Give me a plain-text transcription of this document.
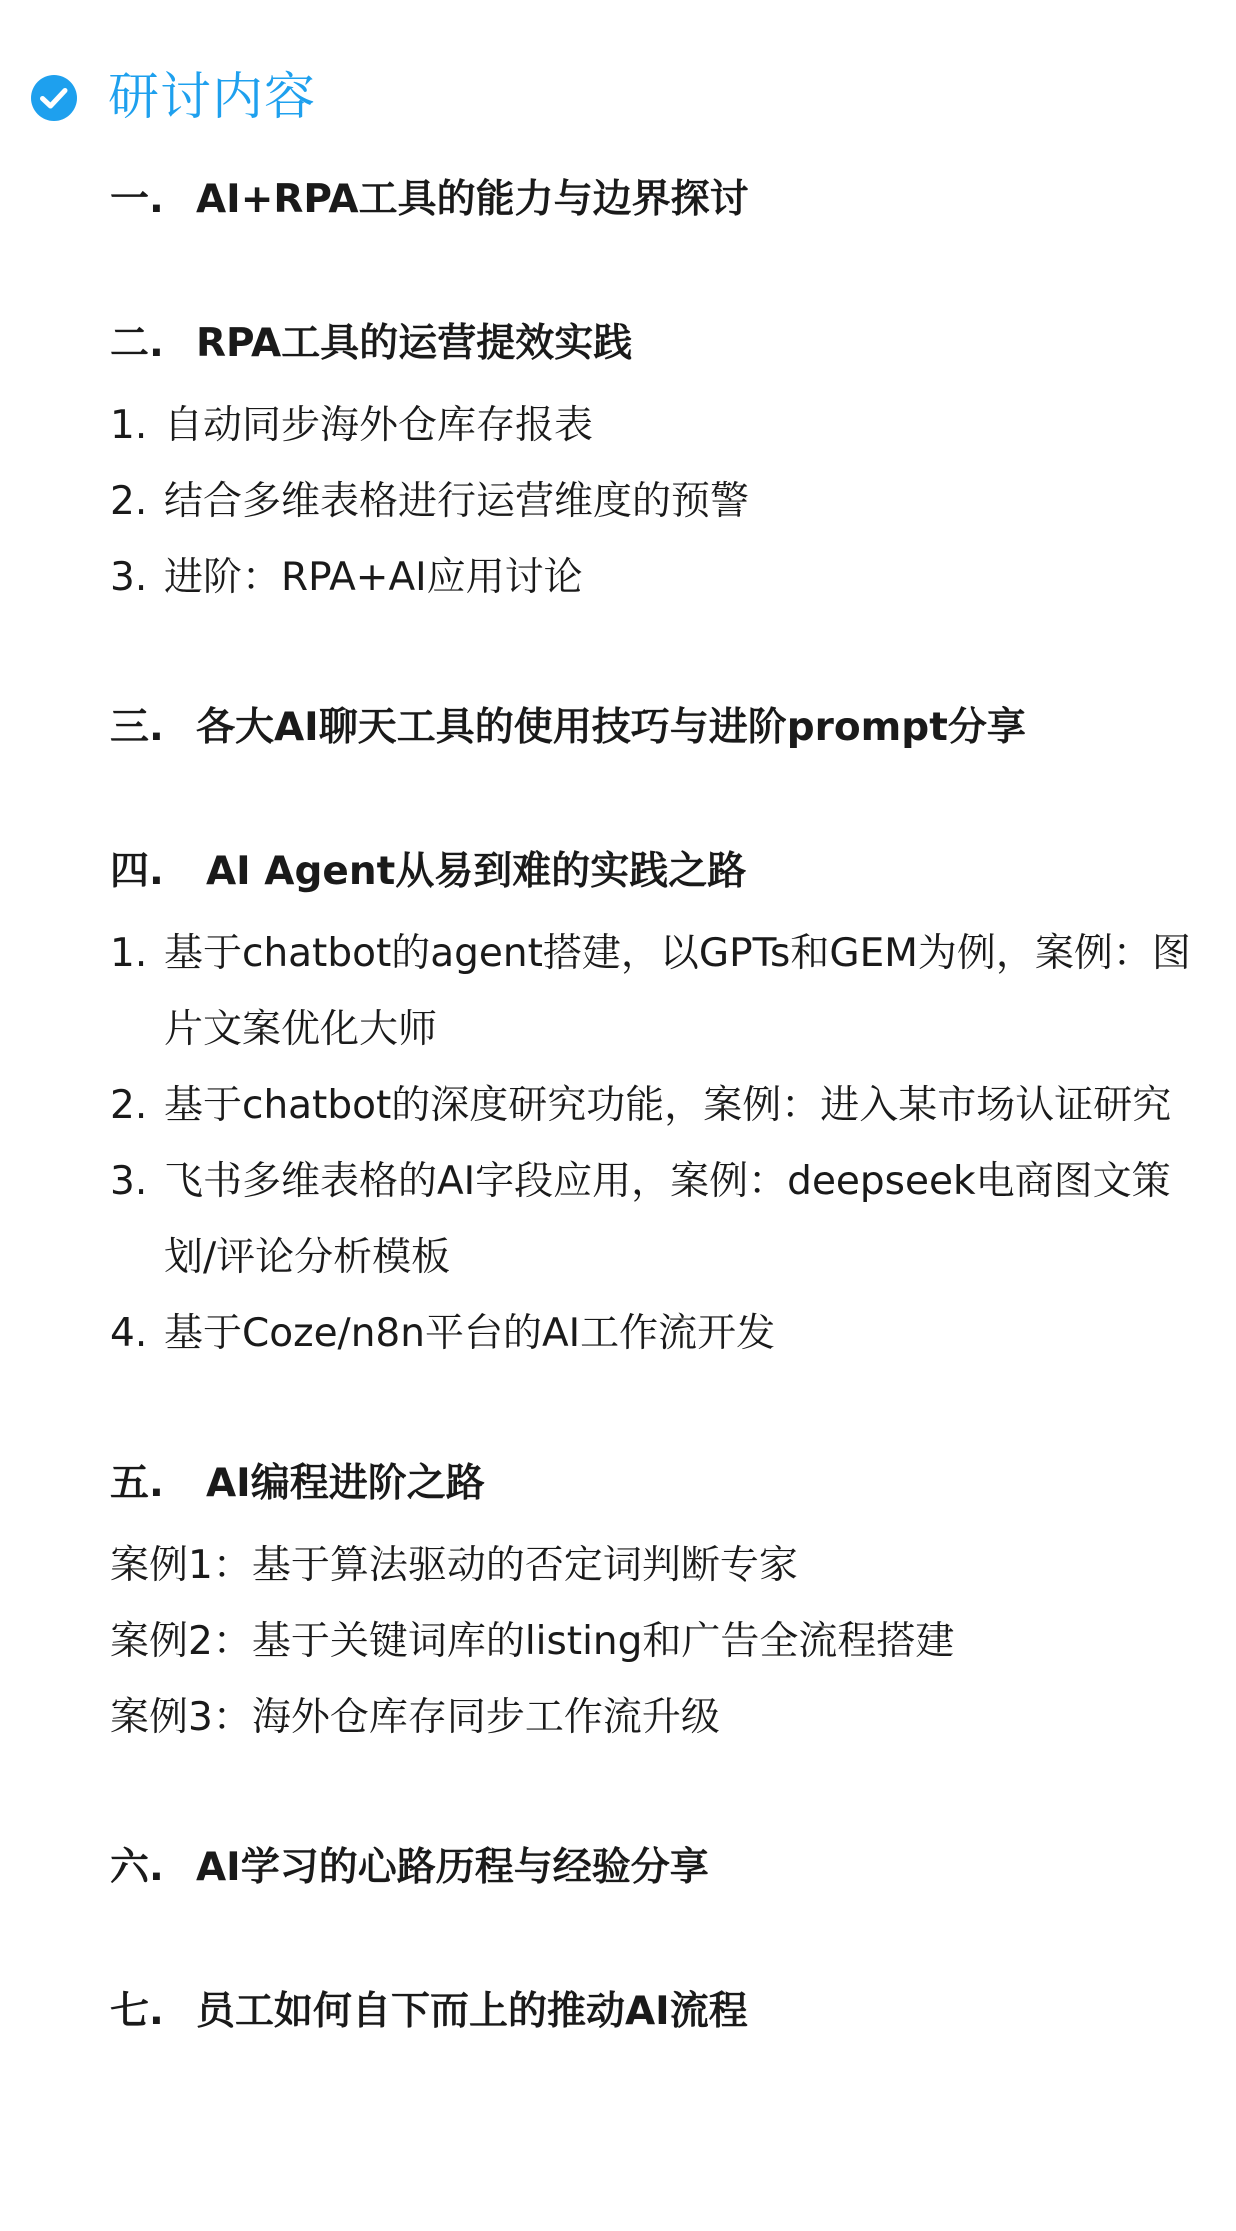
研讨内容
一. AI+RPA工具的能力与边界探讨
二. RPA工具的运营提效实践
1. 自动同步海外仓库存报表
2. 结合多维表格进行运营维度的预警
3. 进阶：RPA+AI应用讨论
三. 各大AI聊天工具的使用技巧与进阶prompt分享
四. AI Agent从易到难的实践之路
1. 基于chatbot的agent搭建，以GPTs和GEM为例，案例：图片文案优化大师
2. 基于chatbot的深度研究功能，案例：进入某市场认证研究
3. 飞书多维表格的AI字段应用，案例：deepseek电商图文策划/评论分析模板
4. 基于Coze/n8n平台的AI工作流开发
五. AI编程进阶之路
案例1：基于算法驱动的否定词判断专家
案例2：基于关键词库的listing和广告全流程搭建
案例3：海外仓库存同步工作流升级
六. AI学习的心路历程与经验分享
七. 员工如何自下而上的推动AI流程
